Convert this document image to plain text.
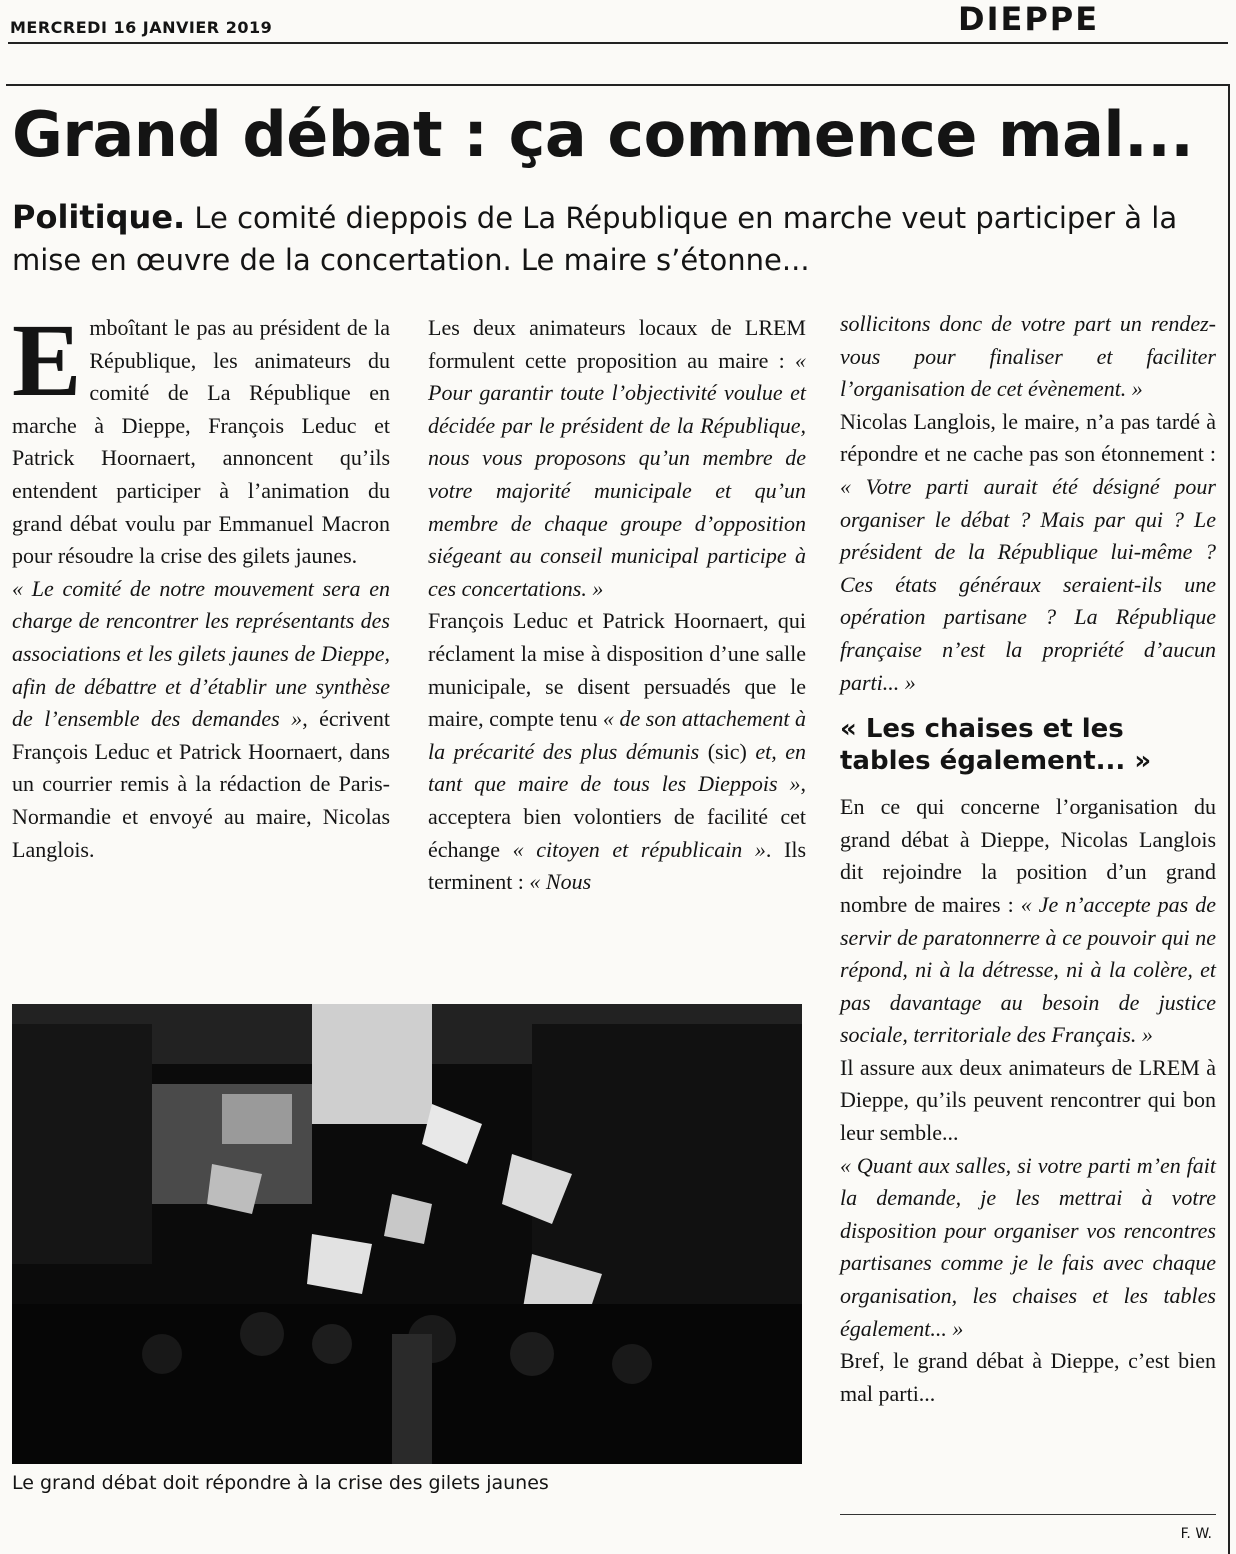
MERCREDI 16 JANVIER 2019	DIEPPE
Grand débat : ça commence mal...

Politique. Le comité dieppois de La République en marche veut participer à la mise en œuvre de la concertation. Le maire s’étonne...

Emboîtant le pas au président de la République, les animateurs du comité de La République en marche à Dieppe, François Leduc et Patrick Hoornaert, annoncent qu’ils entendent participer à l’animation du grand débat voulu par Emmanuel Macron pour résoudre la crise des gilets jaunes.

« Le comité de notre mouvement sera en charge de rencontrer les représentants des associations et les gilets jaunes de Dieppe, afin de débattre et d’établir une synthèse de l’ensemble des demandes », écrivent François Leduc et Patrick Hoornaert, dans un courrier remis à la rédaction de Paris-Normandie et envoyé au maire, Nicolas Langlois.

Les deux animateurs locaux de LREM formulent cette proposition au maire : « Pour garantir toute l’objectivité voulue et décidée par le président de la République, nous vous proposons qu’un membre de votre majorité municipale et qu’un membre de chaque groupe d’opposition siégeant au conseil municipal participe à ces concertations. »

François Leduc et Patrick Hoornaert, qui réclament la mise à disposition d’une salle municipale, se disent persuadés que le maire, compte tenu « de son attachement à la précarité des plus démunis (sic) et, en tant que maire de tous les Dieppois », acceptera bien volontiers de facilité cet échange « citoyen et républicain ». Ils terminent : « Nous

sollicitons donc de votre part un rendez-vous pour finaliser et faciliter l’organisation de cet évènement. »

Nicolas Langlois, le maire, n’a pas tardé à répondre et ne cache pas son étonnement : « Votre parti aurait été désigné pour organiser le débat ? Mais par qui ? Le président de la République lui-même ? Ces états généraux seraient-ils une opération partisane ? La République française n’est la propriété d’aucun parti... »

« Les chaises et les tables également... »

En ce qui concerne l’organisation du grand débat à Dieppe, Nicolas Langlois dit rejoindre la position d’un grand nombre de maires : « Je n’accepte pas de servir de paratonnerre à ce pouvoir qui ne répond, ni à la détresse, ni à la colère, et pas davantage au besoin de justice sociale, territoriale des Français. »

Il assure aux deux animateurs de LREM à Dieppe, qu’ils peuvent rencontrer qui bon leur semble...

« Quant aux salles, si votre parti m’en fait la demande, je les mettrai à votre disposition pour organiser vos rencontres partisanes comme je le fais avec chaque organisation, les chaises et les tables également... »

Bref, le grand débat à Dieppe, c’est bien mal parti...

Le grand débat doit répondre à la crise des gilets jaunes
F. W.
